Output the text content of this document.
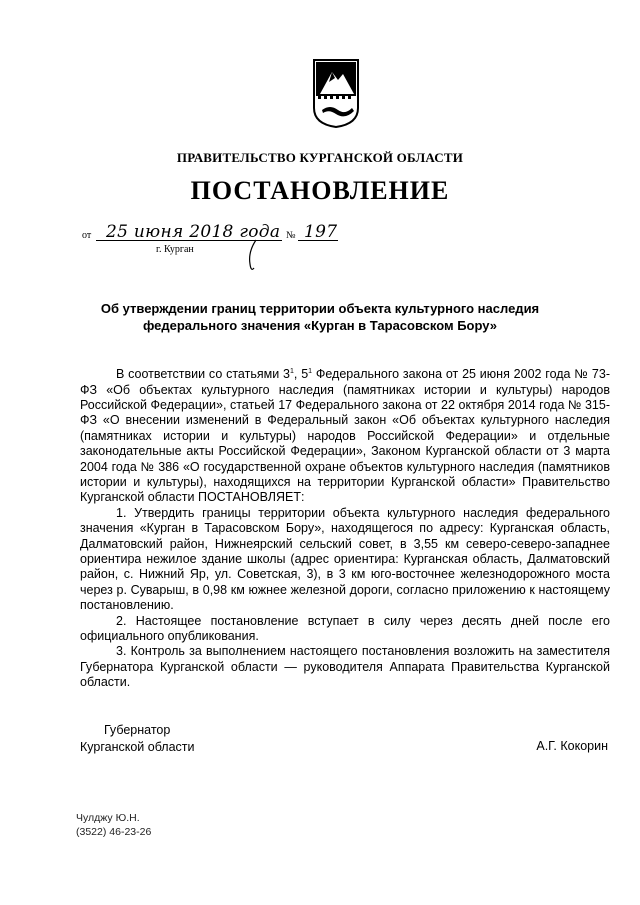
ПРАВИТЕЛЬСТВО КУРГАНСКОЙ ОБЛАСТИ
ПОСТАНОВЛЕНИЕ
от 25 июня 2018 года № 197
г. Курган
Об утверждении границ территории объекта культурного наследия
федерального значения «Курган в Тарасовском Бору»

В соответствии со статьями $3^1$, $5^1$ Федерального закона от 25 июня 2002 года № 73-ФЗ «Об объектах культурного наследия (памятниках истории и культуры) народов Российской Федерации», статьей 17 Федерального закона от 22 октября 2014 года № 315-ФЗ «О внесении изменений в Федеральный закон «Об объектах культурного наследия (памятниках истории и культуры) народов Российской Федерации» и отдельные законодательные акты Российской Федерации», Законом Курганской области от 3 марта 2004 года № 386 «О государственной охране объектов культурного наследия (памятников истории и культуры), находящихся на территории Курганской области» Правительство Курганской области ПОСТАНОВЛЯЕТ:

1. Утвердить границы территории объекта культурного наследия федерального значения «Курган в Тарасовском Бору», находящегося по адресу: Курганская область, Далматовский район, Нижнеярский сельский совет, в 3,55 км северо-северо-западнее ориентира нежилое здание школы (адрес ориентира: Курганская область, Далматовский район, с. Нижний Яр, ул. Советская, 3), в 3 км юго-восточнее железнодорожного моста через р. Суварыш, в 0,98 км южнее железной дороги, согласно приложению к настоящему постановлению.

2. Настоящее постановление вступает в силу через десять дней после его официального опубликования.

3. Контроль за выполнением настоящего постановления возложить на заместителя Губернатора Курганской области — руководителя Аппарата Правительства Курганской области.

Губернатор
Курганской области	А.Г. Кокорин
Чулджу Ю.Н.
(3522) 46-23-26
